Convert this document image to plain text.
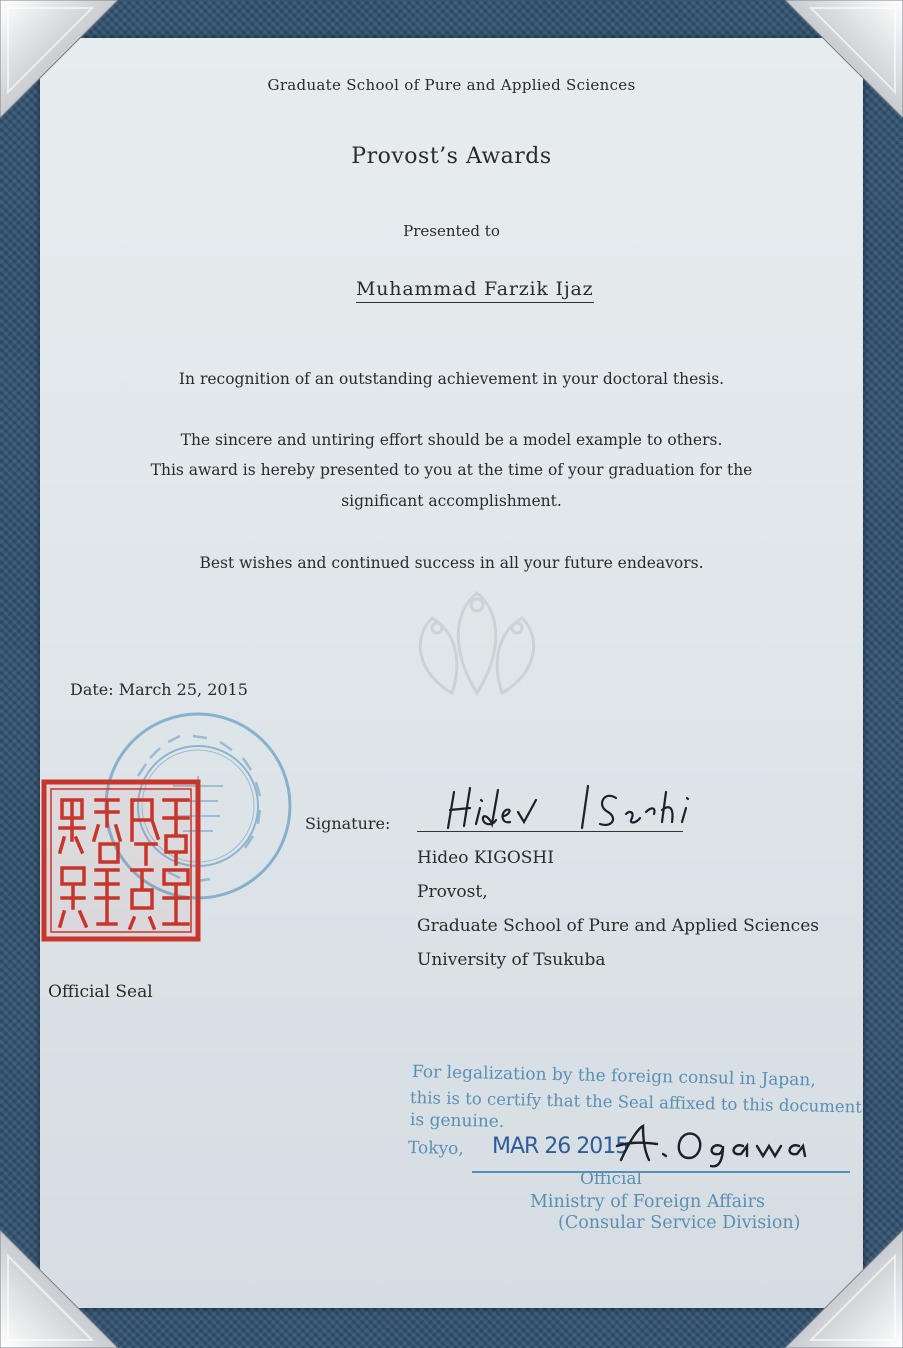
Graduate School of Pure and Applied Sciences
Provost’s Awards
Presented to
Muhammad Farzik Ijaz
In recognition of an outstanding achievement in your doctoral thesis.
The sincere and untiring effort should be a model example to others.
This award is hereby presented to you at the time of your graduation for the
significant accomplishment.
Best wishes and continued success in all your future endeavors.
Date: March 25, 2015
Official Seal
Signature:
Hideo KIGOSHI
Provost,
Graduate School of Pure and Applied Sciences
University of Tsukuba
For legalization by the foreign consul in Japan,
this is to certify that the Seal affixed to this document
is genuine.
Tokyo, MAR 26 2015
Official
Ministry of Foreign Affairs
(Consular Service Division)
